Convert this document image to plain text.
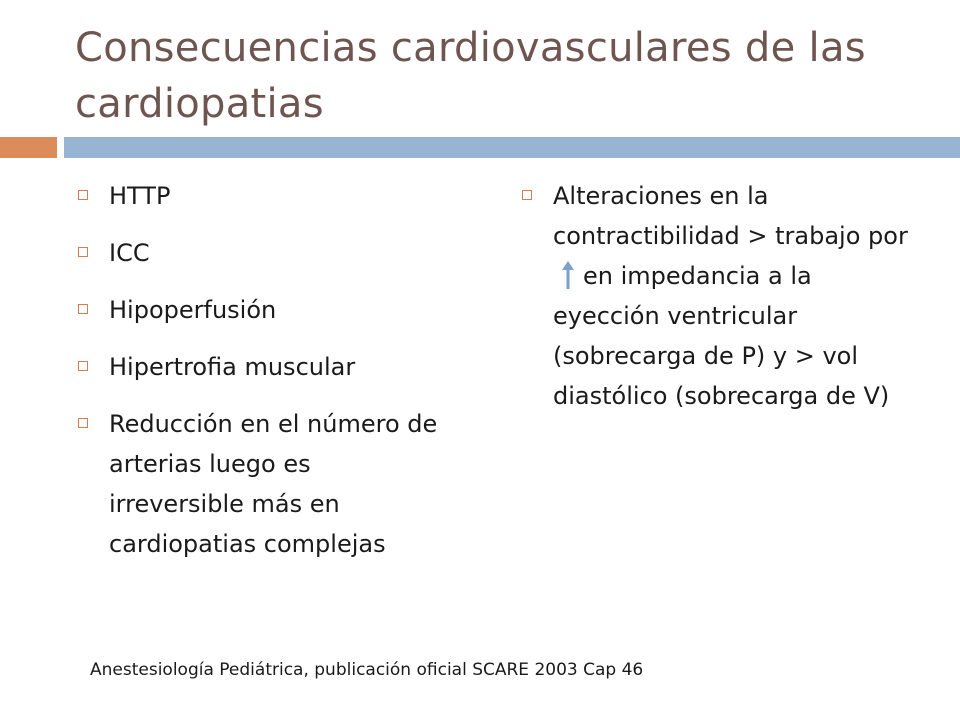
Consecuencias cardiovasculares de las cardiopatias
HTTP
ICC
Hipoperfusión
Hipertrofia muscular
Reducción en el número de arterias luego es irreversible más en cardiopatias complejas
Alteraciones en la contractibilidad > trabajo poren impedancia a la eyección ventricular (sobrecarga de P) y > vol diastólico (sobrecarga de V)

Anestesiología Pediátrica, publicación oficial SCARE 2003 Cap 46
